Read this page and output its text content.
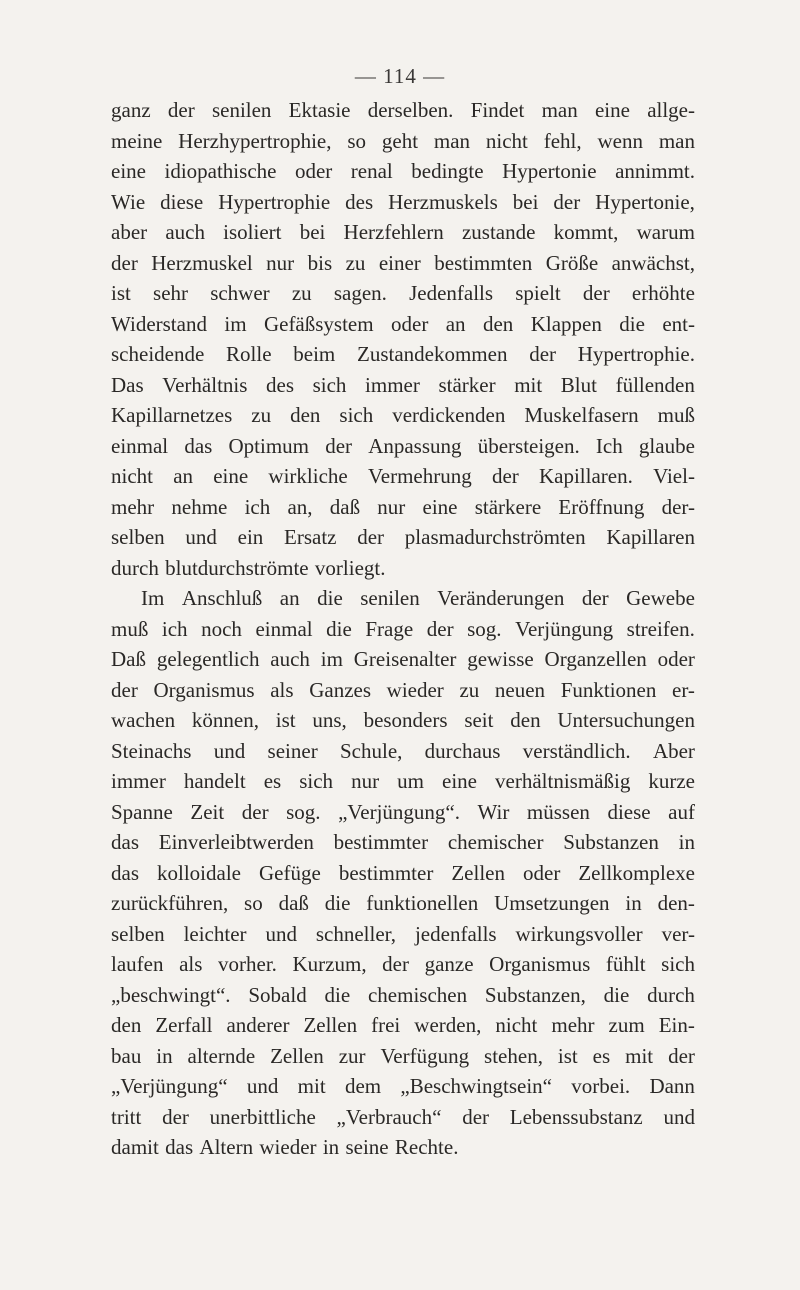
— 114 —
ganz der senilen Ektasie derselben. Findet man eine allge-
meine Herzhypertrophie, so geht man nicht fehl, wenn man
eine idiopathische oder renal bedingte Hypertonie annimmt.
Wie diese Hypertrophie des Herzmuskels bei der Hypertonie,
aber auch isoliert bei Herzfehlern zustande kommt, warum
der Herzmuskel nur bis zu einer bestimmten Größe anwächst,
ist sehr schwer zu sagen. Jedenfalls spielt der erhöhte
Widerstand im Gefäßsystem oder an den Klappen die ent-
scheidende Rolle beim Zustandekommen der Hypertrophie.
Das Verhältnis des sich immer stärker mit Blut füllenden
Kapillarnetzes zu den sich verdickenden Muskelfasern muß
einmal das Optimum der Anpassung übersteigen. Ich glaube
nicht an eine wirkliche Vermehrung der Kapillaren. Viel-
mehr nehme ich an, daß nur eine stärkere Eröffnung der-
selben und ein Ersatz der plasmadurchströmten Kapillaren
durch blutdurchströmte vorliegt.
Im Anschluß an die senilen Veränderungen der Gewebe
muß ich noch einmal die Frage der sog. Verjüngung streifen.
Daß gelegentlich auch im Greisenalter gewisse Organzellen oder
der Organismus als Ganzes wieder zu neuen Funktionen er-
wachen können, ist uns, besonders seit den Untersuchungen
Steinachs und seiner Schule, durchaus verständlich. Aber
immer handelt es sich nur um eine verhältnismäßig kurze
Spanne Zeit der sog. „Verjüngung“. Wir müssen diese auf
das Einverleibtwerden bestimmter chemischer Substanzen in
das kolloidale Gefüge bestimmter Zellen oder Zellkomplexe
zurückführen, so daß die funktionellen Umsetzungen in den-
selben leichter und schneller, jedenfalls wirkungsvoller ver-
laufen als vorher. Kurzum, der ganze Organismus fühlt sich
„beschwingt“. Sobald die chemischen Substanzen, die durch
den Zerfall anderer Zellen frei werden, nicht mehr zum Ein-
bau in alternde Zellen zur Verfügung stehen, ist es mit der
„Verjüngung“ und mit dem „Beschwingtsein“ vorbei. Dann
tritt der unerbittliche „Verbrauch“ der Lebenssubstanz und
damit das Altern wieder in seine Rechte.
